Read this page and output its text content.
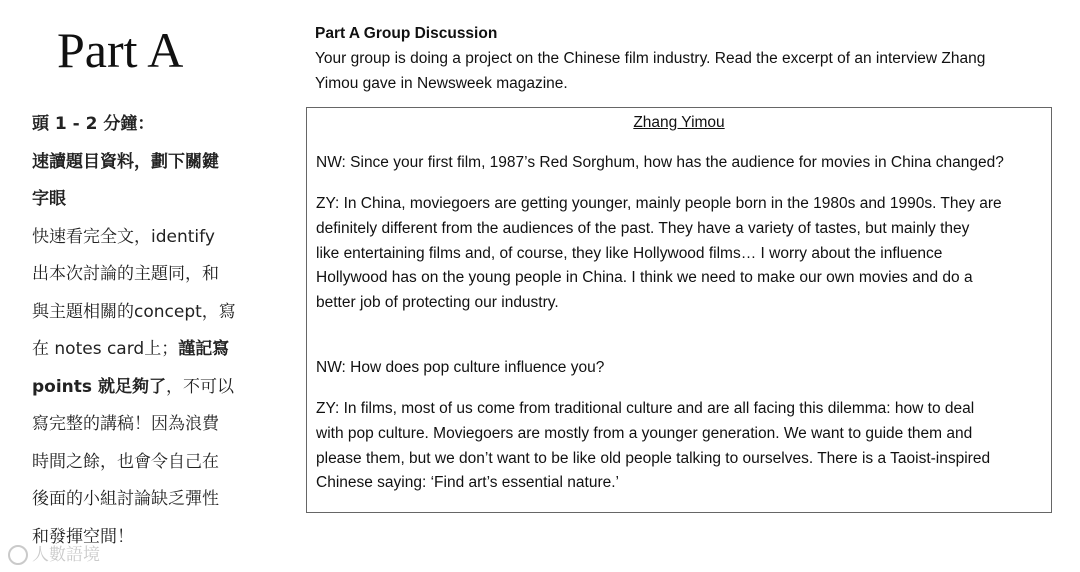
Part A
頭 1 - 2 分鐘：
速讀題目資料，劃下關鍵
字眼
快速看完全文，identify
出本次討論的主題同，和
與主題相關的concept，寫
在 notes card上；謹記寫
points 就足夠了，不可以
寫完整的講稿！因為浪費
時間之餘，也會令自己在
後面的小組討論缺乏彈性
和發揮空間！
Part A Group Discussion
Your group is doing a project on the Chinese film industry. Read the excerpt of an interview Zhang
Yimou gave in Newsweek magazine.
Zhang Yimou
NW: Since your first film, 1987’s Red Sorghum, how has the audience for movies in China changed?
ZY: In China, moviegoers are getting younger, mainly people born in the 1980s and 1990s. They are
definitely different from the audiences of the past. They have a variety of tastes, but mainly they
like entertaining films and, of course, they like Hollywood films… I worry about the influence
Hollywood has on the young people in China. I think we need to make our own movies and do a
better job of protecting our industry.
NW: How does pop culture influence you?
ZY: In films, most of us come from traditional culture and are all facing this dilemma: how to deal
with pop culture. Moviegoers are mostly from a younger generation. We want to guide them and
please them, but we don’t want to be like old people talking to ourselves. There is a Taoist-inspired
Chinese saying: ‘Find art’s essential nature.’
人數語境
